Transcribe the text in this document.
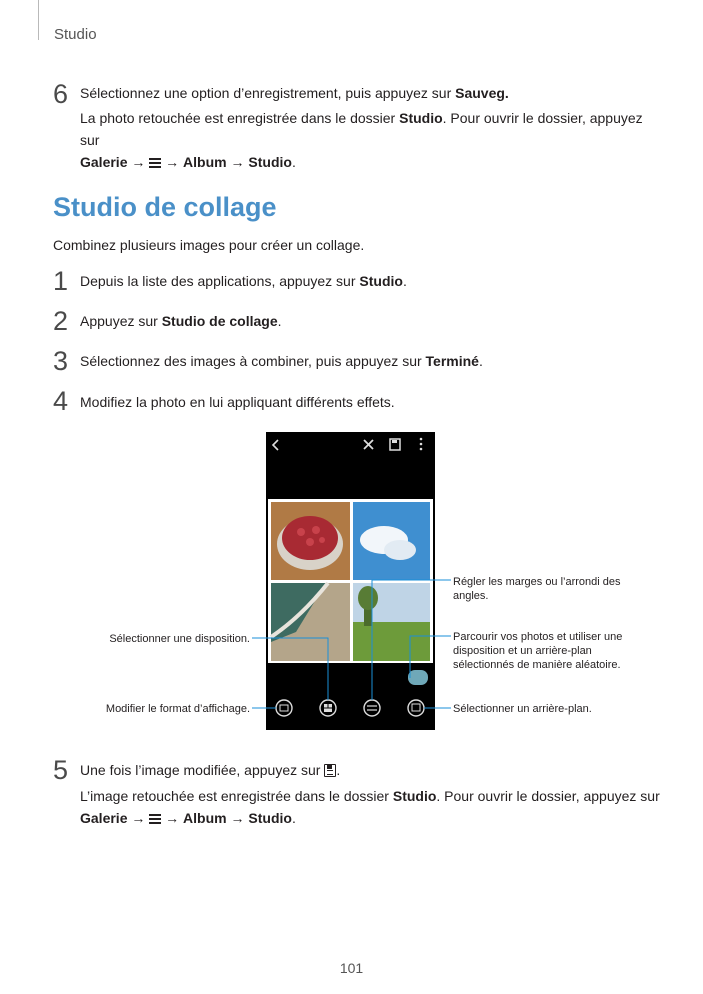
Studio
6 Sélectionnez une option d’enregistrement, puis appuyez sur Sauveg.
La photo retouchée est enregistrée dans le dossier Studio. Pour ouvrir le dossier, appuyez sur
Galerie → → Album → Studio.
Studio de collage
Combinez plusieurs images pour créer un collage.
1 Depuis la liste des applications, appuyez sur Studio.
2 Appuyez sur Studio de collage.
3 Sélectionnez des images à combiner, puis appuyez sur Terminé.
4 Modifiez la photo en lui appliquant différents effets.
Régler les marges ou l’arrondi des angles.
Sélectionner une disposition.	Parcourir vos photos et utiliser une disposition et un arrière-plan sélectionnés de manière aléatoire.
Modifier le format d’affichage.	Sélectionner un arrière-plan.
5 Une fois l’image modifiée, appuyez sur .
L’image retouchée est enregistrée dans le dossier Studio. Pour ouvrir le dossier, appuyez sur
Galerie → → Album → Studio.
101
